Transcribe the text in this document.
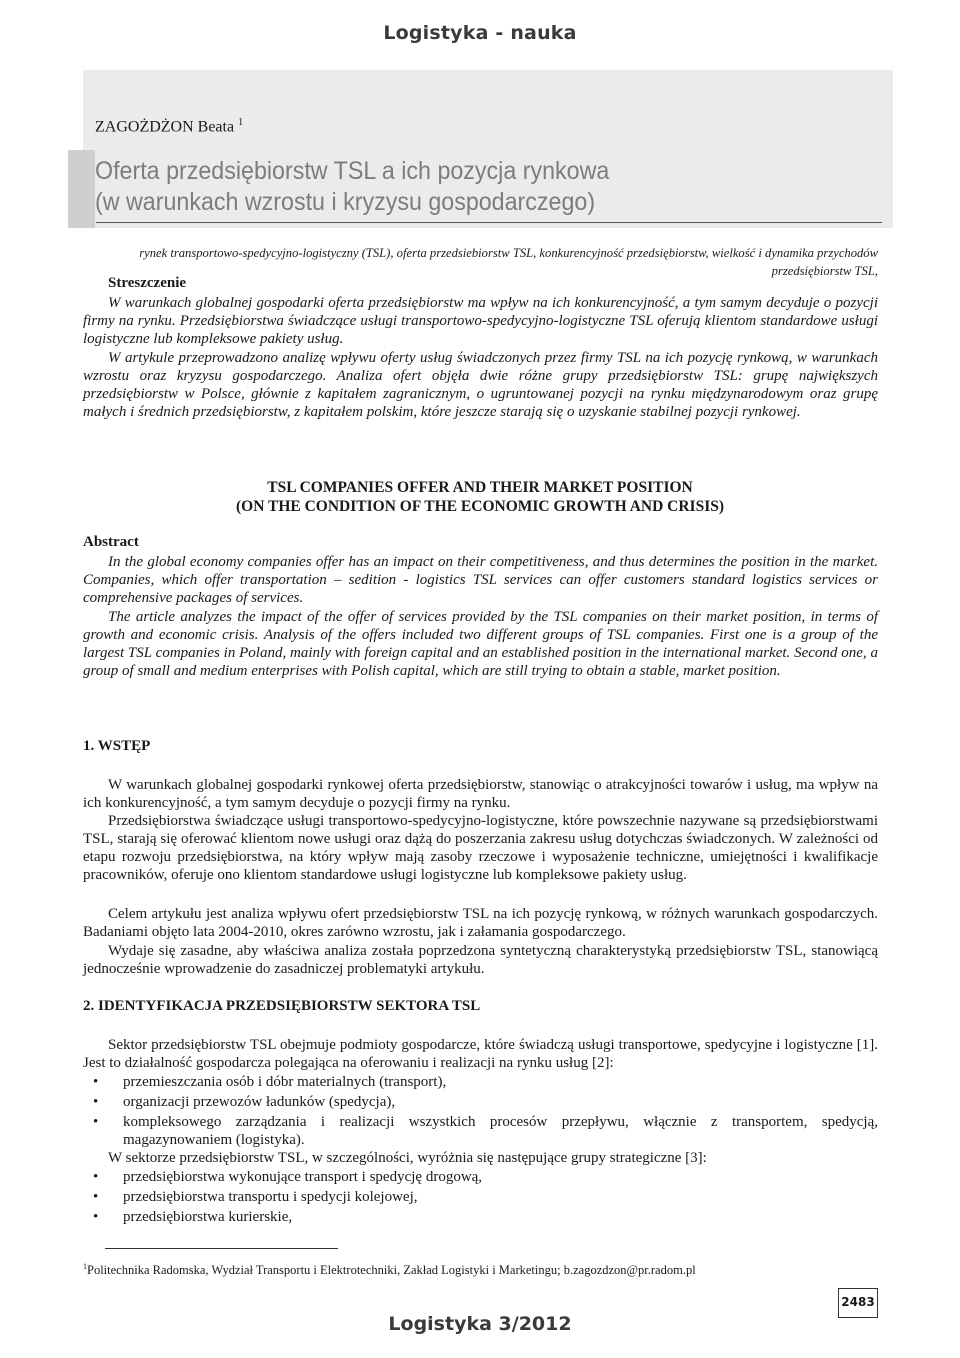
Logistyka - nauka
ZAGOŻDŻON Beata $^1$
Oferta przedsiębiorstw TSL a ich pozycja rynkowa
(w warunkach wzrostu i kryzysu gospodarczego)
rynek transportowo-spedycyjno-logistyczny (TSL), oferta przedsiebiorstw TSL, konkurencyjność przedsiębiorstw, wielkość i dynamika przychodów
przedsiębiorstw TSL,
Streszczenie
W warunkach globalnej gospodarki oferta przedsiębiorstw ma wpływ na ich konkurencyjność, a tym samym decyduje o pozycji firmy na rynku. Przedsiębiorstwa świadczące usługi transportowo-spedycyjno-logistyczne TSL oferują klientom standardowe usługi logistyczne lub kompleksowe pakiety usług.
W artykule przeprowadzono analizę wpływu oferty usług świadczonych przez firmy TSL na ich pozycję rynkową, w warunkach wzrostu oraz kryzysu gospodarczego. Analiza ofert objęła dwie różne grupy przedsiębiorstw TSL: grupę największych przedsiębiorstw w Polsce, głównie z kapitałem zagranicznym, o ugruntowanej pozycji na rynku międzynarodowym oraz grupę małych i średnich przedsiębiorstw, z kapitałem polskim, które jeszcze starają się o uzyskanie stabilnej pozycji rynkowej.
TSL COMPANIES OFFER AND THEIR MARKET POSITION
(ON THE CONDITION OF THE ECONOMIC GROWTH AND CRISIS)
Abstract
In the global economy companies offer has an impact on their competitiveness, and thus determines the position in the market. Companies, which offer transportation – sedition - logistics TSL services can offer customers standard logistics services or comprehensive packages of services.
The article analyzes the impact of the offer of services provided by the TSL companies on their market position, in terms of growth and economic crisis. Analysis of the offers included two different groups of TSL companies. First one is a group of the largest TSL companies in Poland, mainly with foreign capital and an established position in the international market. Second one, a group of small and medium enterprises with Polish capital, which are still trying to obtain a stable, market position.
1. WSTĘP
W warunkach globalnej gospodarki rynkowej oferta przedsiębiorstw, stanowiąc o atrakcyjności towarów i usług, ma wpływ na ich konkurencyjność, a tym samym decyduje o pozycji firmy na rynku.
Przedsiębiorstwa świadczące usługi transportowo-spedycyjno-logistyczne, które powszechnie nazywane są przedsiębiorstwami TSL, starają się oferować klientom nowe usługi oraz dążą do poszerzania zakresu usług dotychczas świadczonych. W zależności od etapu rozwoju przedsiębiorstwa, na który wpływ mają zasoby rzeczowe i wyposażenie techniczne, umiejętności i kwalifikacje pracowników, oferuje ono klientom standardowe usługi logistyczne lub kompleksowe pakiety usług.
Celem artykułu jest analiza wpływu ofert przedsiębiorstw TSL na ich pozycję rynkową, w różnych warunkach gospodarczych. Badaniami objęto lata 2004-2010, okres zarówno wzrostu, jak i załamania gospodarczego.
Wydaje się zasadne, aby właściwa analiza została poprzedzona syntetyczną charakterystyką przedsiębiorstw TSL, stanowiącą jednocześnie wprowadzenie do zasadniczej problematyki artykułu.
2. IDENTYFIKACJA PRZEDSIĘBIORSTW SEKTORA TSL
Sektor przedsiębiorstw TSL obejmuje podmioty gospodarcze, które świadczą usługi transportowe, spedycyjne i logistyczne [1]. Jest to działalność gospodarcza polegająca na oferowaniu i realizacji na rynku usług [2]:
• przemieszczania osób i dóbr materialnych (transport),
• organizacji przewozów ładunków (spedycja),
• kompleksowego zarządzania i realizacji wszystkich procesów przepływu, włącznie z transportem, spedycją, magazynowaniem (logistyka).
W sektorze przedsiębiorstw TSL, w szczególności, wyróżnia się następujące grupy strategiczne [3]:
• przedsiębiorstwa wykonujące transport i spedycję drogową,
• przedsiębiorstwa transportu i spedycji kolejowej,
• przedsiębiorstwa kurierskie,
$^1$Politechnika Radomska, Wydział Transportu i Elektrotechniki, Zakład Logistyki i Marketingu; b.zagozdzon@pr.radom.pl
2483
Logistyka 3/2012
